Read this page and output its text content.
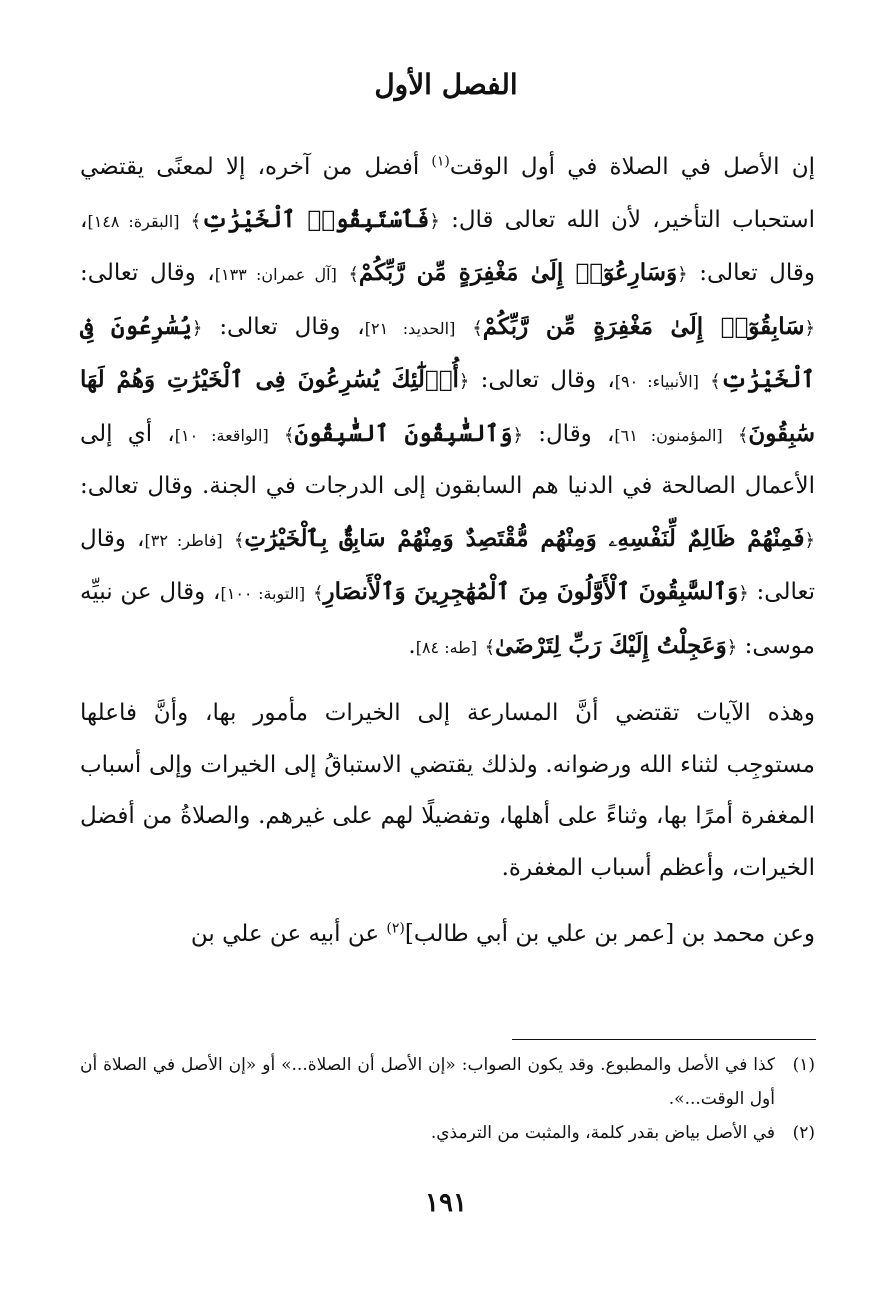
الفصل الأول

إن الأصل في الصلاة في أول الوقت$^{(١)}$ أفضل من آخره، إلا لمعنًى يقتضي استحباب التأخير، لأن الله تعالى قال: ﴿فَٱسْتَبِقُوا۟ ٱلْخَيْرَٰتِ﴾ [البقرة: ١٤٨]، وقال تعالى: ﴿وَسَارِعُوٓا۟ إِلَىٰ مَغْفِرَةٍ مِّن رَّبِّكُمْ﴾ [آل عمران: ١٣٣]، وقال تعالى: ﴿سَابِقُوٓا۟ إِلَىٰ مَغْفِرَةٍ مِّن رَّبِّكُمْ﴾ [الحديد: ٢١]، وقال تعالى: ﴿يُسَٰرِعُونَ فِى ٱلْخَيْرَٰتِ﴾ [الأنبياء: ٩٠]، وقال تعالى: ﴿أُو۟لَٰٓئِكَ يُسَٰرِعُونَ فِى ٱلْخَيْرَٰتِ وَهُمْ لَهَا سَٰبِقُونَ﴾ [المؤمنون: ٦١]، وقال: ﴿وَٱلسَّٰبِقُونَ ٱلسَّٰبِقُونَ﴾ [الواقعة: ١٠]، أي إلى الأعمال الصالحة في الدنيا هم السابقون إلى الدرجات في الجنة. وقال تعالى: ﴿فَمِنْهُمْ ظَالِمٌ لِّنَفْسِهِۦ وَمِنْهُم مُّقْتَصِدٌ وَمِنْهُمْ سَابِقٌۢ بِٱلْخَيْرَٰتِ﴾ [فاطر: ٣٢]، وقال تعالى: ﴿وَٱلسَّٰبِقُونَ ٱلْأَوَّلُونَ مِنَ ٱلْمُهَٰجِرِينَ وَٱلْأَنصَارِ﴾ [التوبة: ١٠٠]، وقال عن نبيِّه موسى: ﴿وَعَجِلْتُ إِلَيْكَ رَبِّ لِتَرْضَىٰ﴾ [طه: ٨٤].

وهذه الآيات تقتضي أنَّ المسارعة إلى الخيرات مأمور بها، وأنَّ فاعلها مستوجِب لثناء الله ورضوانه. ولذلك يقتضي الاستباقُ إلى الخيرات وإلى أسباب المغفرة أمرًا بها، وثناءً على أهلها، وتفضيلًا لهم على غيرهم. والصلاةُ من أفضل الخيرات، وأعظم أسباب المغفرة.

وعن محمد بن [عمر بن علي بن أبي طالب]$^{(٢)}$ عن أبيه عن علي بن

(١)
كذا في الأصل والمطبوع. وقد يكون الصواب: «إن الأصل أن الصلاة...» أو «إن الأصل في الصلاة أن أول الوقت...».

(٢)
في الأصل بياض بقدر كلمة، والمثبت من الترمذي.

١٩١
